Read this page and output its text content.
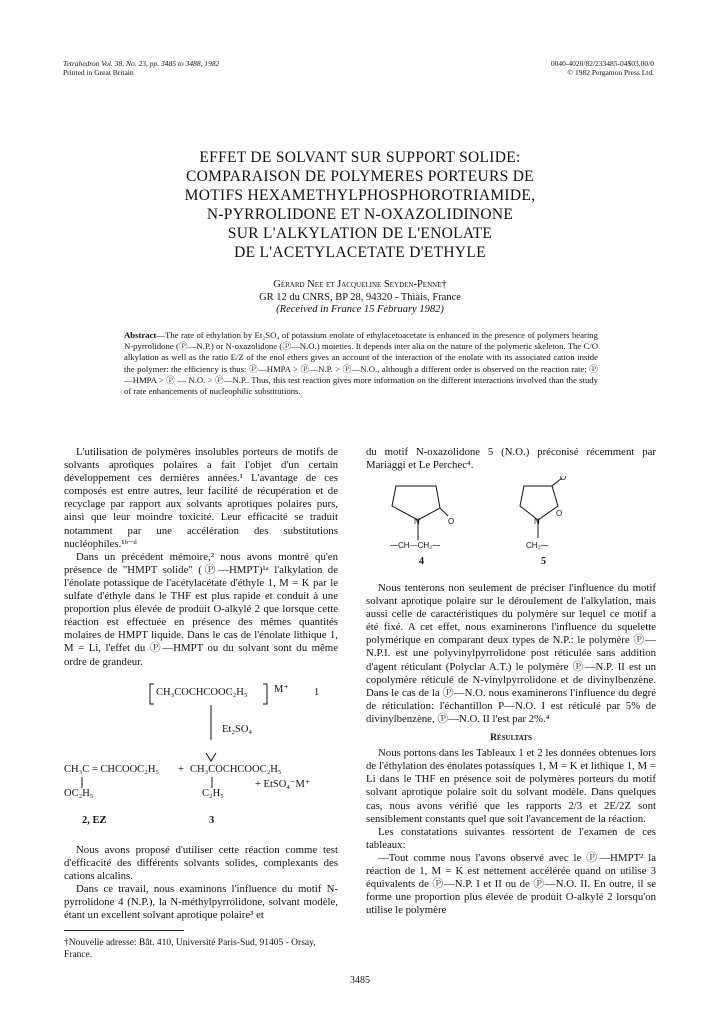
Tetrahedron Vol. 38, No. 23, pp. 3485 to 3488, 1982
Printed in Great Britain
0040-4020/82/233485-04$03.00/0
© 1982 Pergamon Press Ltd.
EFFET DE SOLVANT SUR SUPPORT SOLIDE:
COMPARAISON DE POLYMERES PORTEURS DE
MOTIFS HEXAMETHYLPHOSPHOROTRIAMIDE,
N-PYRROLIDONE ET N-OXAZOLIDINONE
SUR L'ALKYLATION DE L'ENOLATE
DE L'ACETYLACETATE D'ETHYLE
Gérard Nee et Jacqueline Seyden-Penne†
GR 12 du CNRS, BP 28, 94320 - Thiais, France
(Received in France 15 February 1982)
Abstract—The rate of ethylation by Et₂SO₄ of potassium enolate of ethylacetoacetate is enhanced in the presence of polymers bearing N-pyrrolidone (Ⓟ—N.P.) or N-oxazolidone (Ⓟ—N.O.) moieties. It depends inter alia on the nature of the polymeric skeleton. The C/O alkylation as well as the ratio E/Z of the enol ethers gives an account of the interaction of the enolate with its associated cation inside the polymer: the efficiency is thus: Ⓟ—HMPA > Ⓟ—N.P. > Ⓟ—N.O., although a different order is observed on the reaction rate: Ⓟ—HMPA > Ⓟ — N.O. > Ⓟ—N.P.. Thus, this test reaction gives more information on the different interactions involved than the study of rate enhancements of nucleophilic substitutions.

L'utilisation de polymères insolubles porteurs de motifs de solvants aprotiques polaires a fait l'objet d'un certain développement ces dernières années.¹ L'avantage de ces composés est entre autres, leur facilité de récupération et de recyclage par rapport aux solvants aprotiques polaires purs, ainsi que leur moindre toxicité. Leur efficacité se traduit notamment par une accélération des substitutions nucléophiles.¹ᵇ⁻ᵈ

Dans un précédent mémoire,² nous avons montré qu'en présence de "HMPT solide" (Ⓟ—HMPT)¹ᵃ l'alkylation de l'énolate potassique de l'acétylacétate d'éthyle 1, M = K par le sulfate d'éthyle dans le THF est plus rapide et conduit à une proportion plus élevée de produit O-alkylé 2 que lorsque cette réaction est effectuée en présence des mêmes quantités molaires de HMPT liquide. Dans le cas de l'énolate lithique 1, M = Li, l'effet du Ⓟ—HMPT ou du solvant sont du même ordre de grandeur.

CH₃COCHCOOC₂H₅	M⁺ 1
Et₂SO₄
CH₃C = CHCOOC₂H₅ + CH₃COCHCOOC₂H₅
OC₂H₅	C₂H₅
+ EtSO₄⁻M⁺
2, EZ	3

Nous avons proposé d'utiliser cette réaction comme test d'efficacité des différents solvants solides, complexants des cations alcalins.

Dans ce travail, nous examinons l'influence du motif N-pyrrolidone 4 (N.P.), la N-méthylpyrrolidone, solvant modèle, étant un excellent solvant aprotique polaire³ et

†Nouvelle adresse: Bât. 410, Université Paris-Sud, 91405 - Orsay, France.

du motif N-oxazolidone 5 (N.O.) préconisé récemment par Mariaggi et Le Perchec⁴.

N	O
⁓CH—CH₂⁓
O
N
O
CH₂⁓
4	5

Nous tenterons non seulement de préciser l'influence du motif solvant aprotique polaire sur le déroulement de l'alkylation, mais aussi celle de caractéristiques du polymère sur lequel ce motif a été fixé. A cet effet, nous examinerons l'influence du squelette polymérique en comparant deux types de N.P.: le polymère Ⓟ—N.P.I. est une polyvinylpyrrolidone post réticulée sans addition d'agent réticulant (Polyclar A.T.) le polymère Ⓟ—N.P. II est un copolymère réticulé de N-vinylpyrrolidone et de divinylbenzène. Dans le cas de la Ⓟ—N.O. nous examinerons l'influence du degré de réticulation: l'échantillon P—N.O. I est réticulé par 5% de divinylbenzène, Ⓟ—N.O. II l'est par 2%.⁴

Résultats

Nous portons dans les Tableaux 1 et 2 les données obtenues lors de l'éthylation des énolates potassiques 1, M = K et lithique 1, M = Li dans le THF en présence soit de polymères porteurs du motif solvant aprotique polaire soit du solvant modèle. Dans quelques cas, nous avons vérifié que les rapports 2/3 et 2E/2Z sont sensiblement constants quel que soit l'avancement de la réaction.

Les constatations suivantes ressortent de l'examen de ces tableaux:

—Tout comme nous l'avons observé avec le Ⓟ—HMPT² la réaction de 1, M = K est nettement accélérée quand on utilise 3 équivalents de Ⓟ—N.P. I et II ou de Ⓟ—N.O. II. En outre, il se forme une proportion plus élevée de produit O-alkylé 2 lorsqu'on utilise le polymère

3485
